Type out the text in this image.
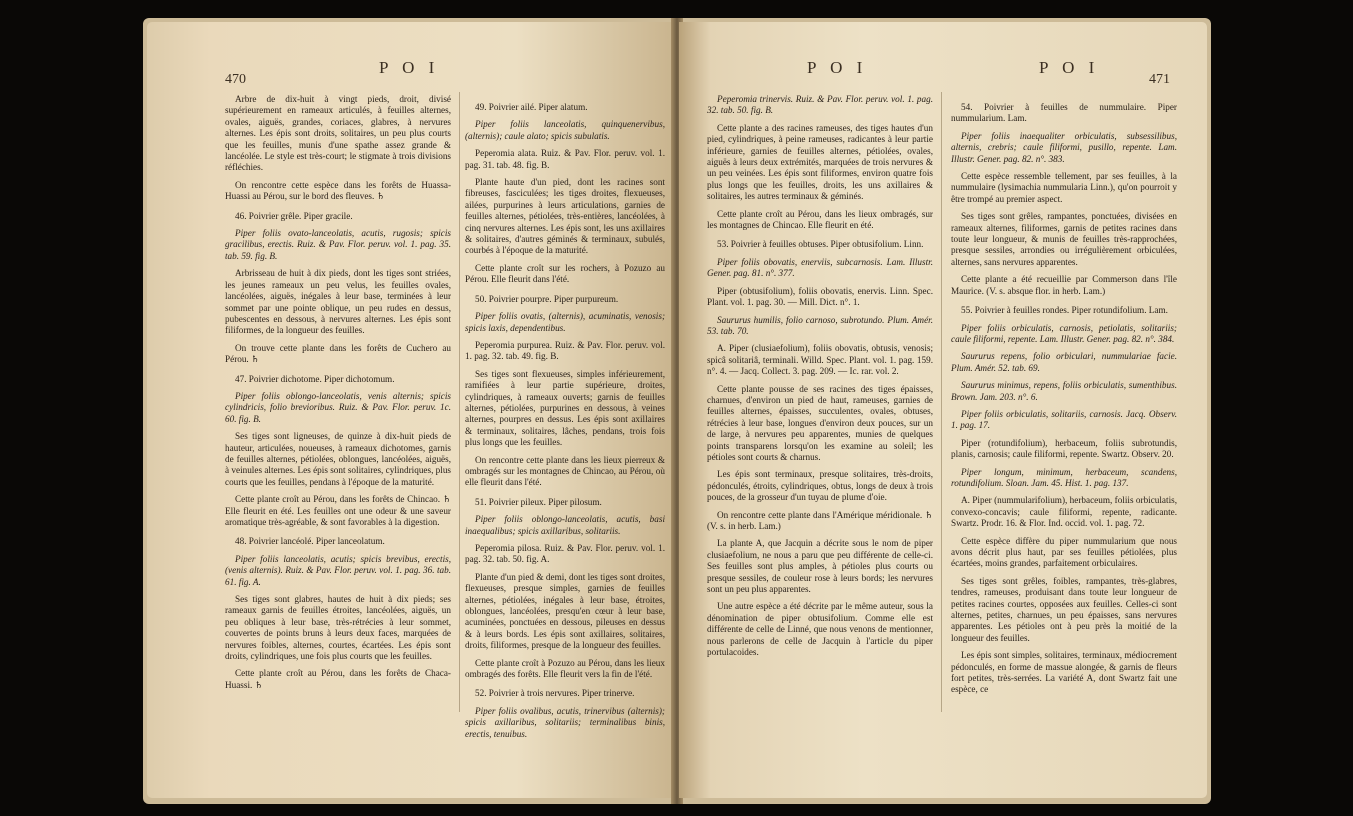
470
P O I

Arbre de dix-huit à vingt pieds, droit, divisé supérieurement en rameaux articulés, à feuilles alternes, ovales, aiguës, grandes, coriaces, glabres, à nervures alternes. Les épis sont droits, solitaires, un peu plus courts que les feuilles, munis d'une spathe assez grande & lancéolée. Le style est très-court; le stigmate à trois divisions réfléchies.

On rencontre cette espèce dans les forêts de Huassa-Huassi au Pérou, sur le bord des fleuves. ♄

46. Poivrier grêle. Piper gracile.

Piper foliis ovato-lanceolatis, acutis, rugosis; spicis gracilibus, erectis. Ruiz. & Pav. Flor. peruv. vol. 1. pag. 35. tab. 59. fig. B.

Arbrisseau de huit à dix pieds, dont les tiges sont striées, les jeunes rameaux un peu velus, les feuilles ovales, lancéolées, aiguës, inégales à leur base, terminées à leur sommet par une pointe oblique, un peu rudes en dessus, pubescentes en dessous, à nervures alternes. Les épis sont filiformes, de la longueur des feuilles.

On trouve cette plante dans les forêts de Cuchero au Pérou. ♄

47. Poivrier dichotome. Piper dichotomum.

Piper foliis oblongo-lanceolatis, venis alternis; spicis cylindricis, folio brevioribus. Ruiz. & Pav. Flor. peruv. 1c. 60. fig. B.

Ses tiges sont ligneuses, de quinze à dix-huit pieds de hauteur, articulées, noueuses, à rameaux dichotomes, garnis de feuilles alternes, pétiolées, oblongues, lancéolées, aiguës, à veinules alternes. Les épis sont solitaires, cylindriques, plus courts que les feuilles, pendans à l'époque de la maturité.

Cette plante croît au Pérou, dans les forêts de Chincao. ♄ Elle fleurit en été. Les feuilles ont une odeur & une saveur aromatique très-agréable, & sont favorables à la digestion.

48. Poivrier lancéolé. Piper lanceolatum.

Piper foliis lanceolatis, acutis; spicis brevibus, erectis, (venis alternis). Ruiz. & Pav. Flor. peruv. vol. 1. pag. 36. tab. 61. fig. A.

Ses tiges sont glabres, hautes de huit à dix pieds; ses rameaux garnis de feuilles étroites, lancéolées, aiguës, un peu obliques à leur base, très-rétrécies à leur sommet, couvertes de points bruns à leurs deux faces, marquées de nervures foibles, alternes, courtes, écartées. Les épis sont droits, cylindriques, une fois plus courts que les feuilles.

Cette plante croît au Pérou, dans les forêts de Chaca-Huassi. ♄

49. Poivrier ailé. Piper alatum.

Piper foliis lanceolatis, quinquenervibus, (alternis); caule alato; spicis subulatis.

Peperomia alata. Ruiz. & Pav. Flor. peruv. vol. 1. pag. 31. tab. 48. fig. B.

Plante haute d'un pied, dont les racines sont fibreuses, fasciculées; les tiges droites, flexueuses, ailées, purpurines à leurs articulations, garnies de feuilles alternes, pétiolées, très-entières, lancéolées, à cinq nervures alternes. Les épis sont, les uns axillaires & solitaires, d'autres géminés & terminaux, subulés, courbés à l'époque de la maturité.

Cette plante croît sur les rochers, à Pozuzo au Pérou. Elle fleurit dans l'été.

50. Poivrier pourpre. Piper purpureum.

Piper foliis ovatis, (alternis), acuminatis, venosis; spicis laxis, dependentibus.

Peperomia purpurea. Ruiz. & Pav. Flor. peruv. vol. 1. pag. 32. tab. 49. fig. B.

Ses tiges sont flexueuses, simples inférieurement, ramifiées à leur partie supérieure, droites, cylindriques, à rameaux ouverts; garnis de feuilles alternes, pétiolées, purpurines en dessous, à veines alternes, pourpres en dessus. Les épis sont axillaires & terminaux, solitaires, lâches, pendans, trois fois plus longs que les feuilles.

On rencontre cette plante dans les lieux pierreux & ombragés sur les montagnes de Chincao, au Pérou, où elle fleurit dans l'été.

51. Poivrier pileux. Piper pilosum.

Piper foliis oblongo-lanceolatis, acutis, basi inaequalibus; spicis axillaribus, solitariis.

Peperomia pilosa. Ruiz. & Pav. Flor. peruv. vol. 1. pag. 32. tab. 50. fig. A.

Plante d'un pied & demi, dont les tiges sont droites, flexueuses, presque simples, garnies de feuilles alternes, pétiolées, inégales à leur base, étroites, oblongues, lancéolées, presqu'en cœur à leur base, acuminées, ponctuées en dessous, pileuses en dessus & à leurs bords. Les épis sont axillaires, solitaires, droits, filiformes, presque de la longueur des feuilles.

Cette plante croît à Pozuzo au Pérou, dans les lieux ombragés des forêts. Elle fleurit vers la fin de l'été.

52. Poivrier à trois nervures. Piper trinerve.

Piper foliis ovalibus, acutis, trinervibus (alternis); spicis axillaribus, solitariis; terminalibus binis, erectis, tenuibus.

P O I	P O I
471

Peperomia trinervis. Ruiz. & Pav. Flor. peruv. vol. 1. pag. 32. tab. 50. fig. B.

Cette plante a des racines rameuses, des tiges hautes d'un pied, cylindriques, à peine rameuses, radicantes à leur partie inférieure, garnies de feuilles alternes, pétiolées, ovales, aiguës à leurs deux extrémités, marquées de trois nervures & un peu veinées. Les épis sont filiformes, environ quatre fois plus longs que les feuilles, droits, les uns axillaires & solitaires, les autres terminaux & géminés.

Cette plante croît au Pérou, dans les lieux ombragés, sur les montagnes de Chincao. Elle fleurit en été.

53. Poivrier à feuilles obtuses. Piper obtusifolium. Linn.

Piper foliis obovatis, enerviis, subcarnosis. Lam. Illustr. Gener. pag. 81. n°. 377.

Piper (obtusifolium), foliis obovatis, enervis. Linn. Spec. Plant. vol. 1. pag. 30. — Mill. Dict. n°. 1.

Saururus humilis, folio carnoso, subrotundo. Plum. Amér. 53. tab. 70.

A. Piper (clusiaefolium), foliis obovatis, obtusis, venosis; spicâ solitariâ, terminali. Willd. Spec. Plant. vol. 1. pag. 159. n°. 4. — Jacq. Collect. 3. pag. 209. — Ic. rar. vol. 2.

Cette plante pousse de ses racines des tiges épaisses, charnues, d'environ un pied de haut, rameuses, garnies de feuilles alternes, épaisses, succulentes, ovales, obtuses, rétrécies à leur base, longues d'environ deux pouces, sur un de large, à nervures peu apparentes, munies de quelques points transparens lorsqu'on les examine au soleil; les pétioles sont courts & charnus.

Les épis sont terminaux, presque solitaires, très-droits, pédonculés, étroits, cylindriques, obtus, longs de deux à trois pouces, de la grosseur d'un tuyau de plume d'oie.

On rencontre cette plante dans l'Amérique méridionale. ♄ (V. s. in herb. Lam.)

La plante A, que Jacquin a décrite sous le nom de piper clusiaefolium, ne nous a paru que peu différente de celle-ci. Ses feuilles sont plus amples, à pétioles plus courts ou presque sessiles, de couleur rose à leurs bords; les nervures sont un peu plus apparentes.

Une autre espèce a été décrite par le même auteur, sous la dénomination de piper obtusifolium. Comme elle est différente de celle de Linné, que nous venons de mentionner, nous parlerons de celle de Jacquin à l'article du piper portulacoides.

54. Poivrier à feuilles de nummulaire. Piper nummularium. Lam.

Piper foliis inaequaliter orbiculatis, subsessilibus, alternis, crebris; caule filiformi, pusillo, repente. Lam. Illustr. Gener. pag. 82. n°. 383.

Cette espèce ressemble tellement, par ses feuilles, à la nummulaire (lysimachia nummularia Linn.), qu'on pourroit y être trompé au premier aspect.

Ses tiges sont grêles, rampantes, ponctuées, divisées en rameaux alternes, filiformes, garnis de petites racines dans toute leur longueur, & munis de feuilles très-rapprochées, presque sessiles, arrondies ou irrégulièrement orbiculées, alternes, sans nervures apparentes.

Cette plante a été recueillie par Commerson dans l'île Maurice. (V. s. absque flor. in herb. Lam.)

55. Poivrier à feuilles rondes. Piper rotundifolium. Lam.

Piper foliis orbiculatis, carnosis, petiolatis, solitariis; caule filiformi, repente. Lam. Illustr. Gener. pag. 82. n°. 384.

Saururus repens, folio orbiculari, nummulariae facie. Plum. Amér. 52. tab. 69.

Saururus minimus, repens, foliis orbiculatis, sumenthibus. Brown. Jam. 203. n°. 6.

Piper foliis orbiculatis, solitariis, carnosis. Jacq. Observ. 1. pag. 17.

Piper (rotundifolium), herbaceum, foliis subrotundis, planis, carnosis; caule filiformi, repente. Swartz. Observ. 20.

Piper longum, minimum, herbaceum, scandens, rotundifolium. Sloan. Jam. 45. Hist. 1. pag. 137.

A. Piper (nummularifolium), herbaceum, foliis orbiculatis, convexo-concavis; caule filiformi, repente, radicante. Swartz. Prodr. 16. & Flor. Ind. occid. vol. 1. pag. 72.

Cette espèce diffère du piper nummularium que nous avons décrit plus haut, par ses feuilles pétiolées, plus écartées, moins grandes, parfaitement orbiculaires.

Ses tiges sont grêles, foibles, rampantes, très-glabres, tendres, rameuses, produisant dans toute leur longueur de petites racines courtes, opposées aux feuilles. Celles-ci sont alternes, petites, charnues, un peu épaisses, sans nervures apparentes. Les pétioles ont à peu près la moitié de la longueur des feuilles.

Les épis sont simples, solitaires, terminaux, médiocrement pédonculés, en forme de massue alongée, & garnis de fleurs fort petites, très-serrées. La variété A, dont Swartz fait une espèce, ce
